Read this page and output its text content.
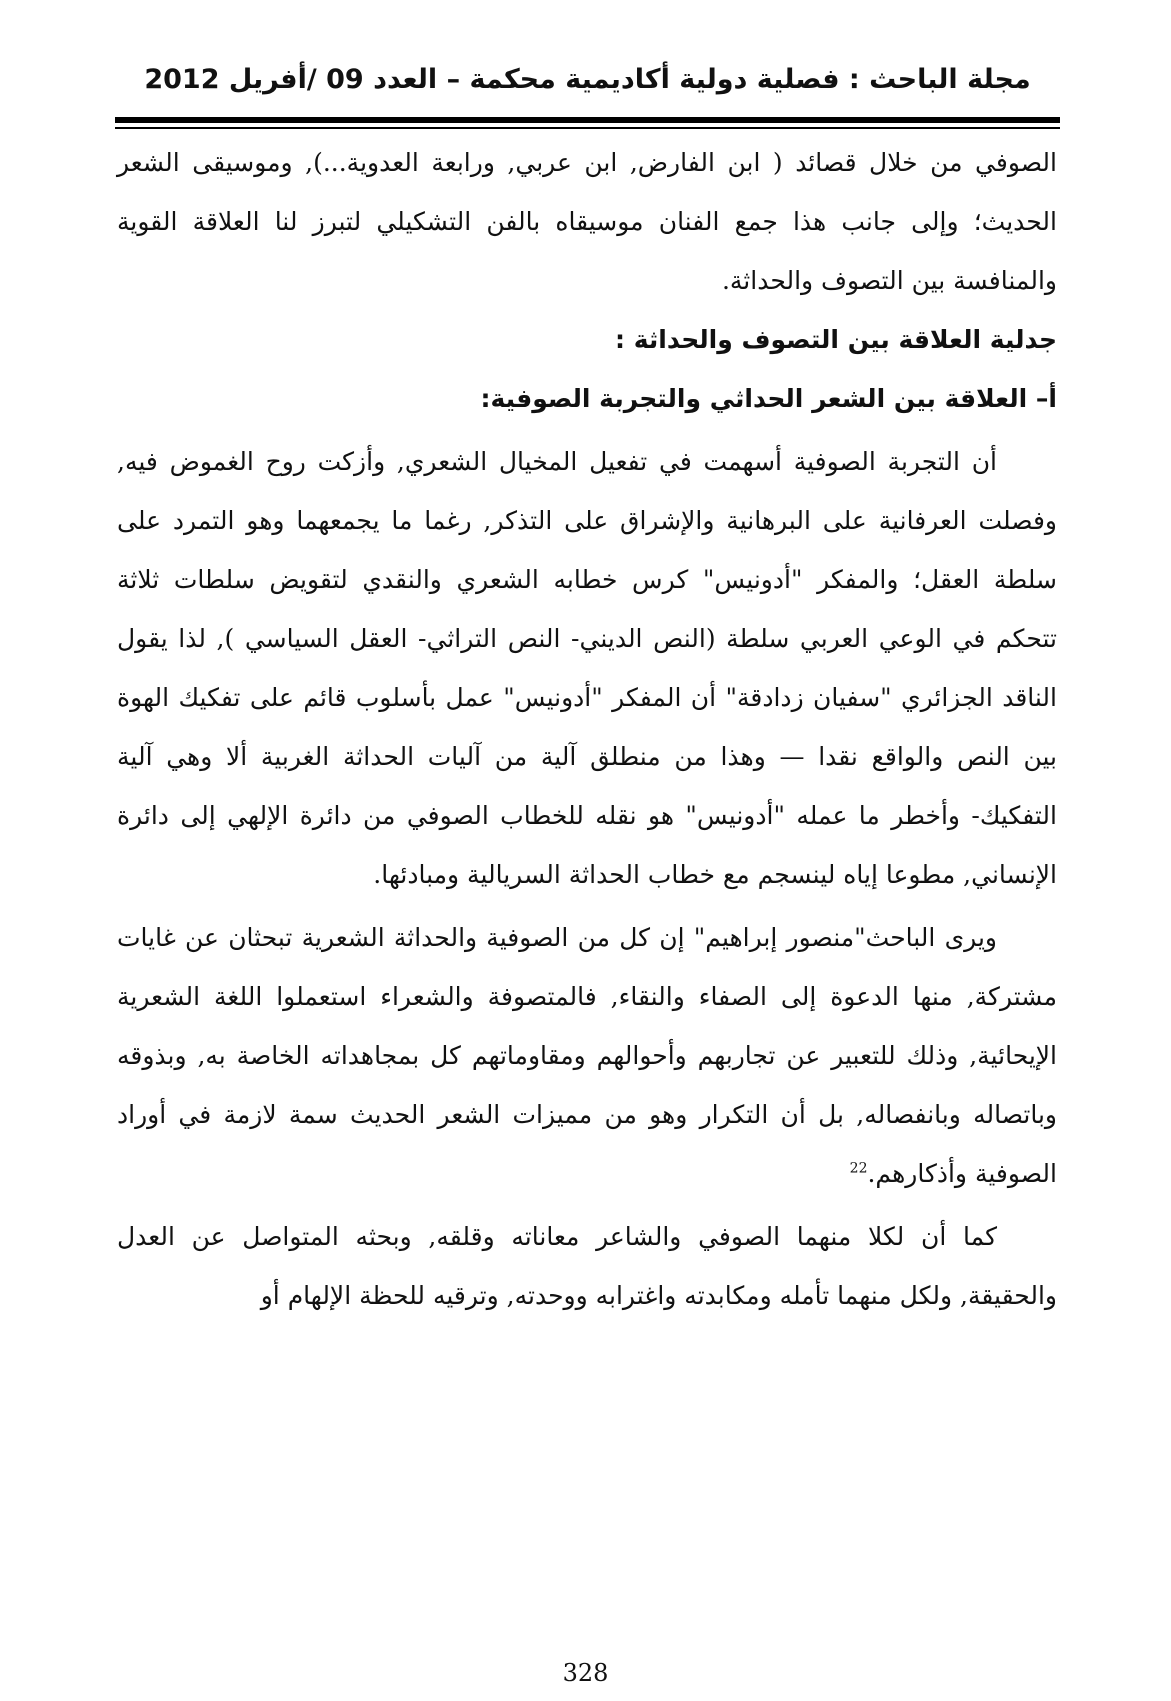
مجلة الباحث : فصلية دولية أكاديمية محكمة – العدد 09 /أفريل 2012

الصوفي من خلال قصائد ( ابن الفارض, ابن عربي, ورابعة العدوية...), وموسيقى الشعر الحديث؛ وإلى جانب هذا جمع الفنان موسيقاه بالفن التشكيلي لتبرز لنا العلاقة القوية والمنافسة بين التصوف والحداثة.

جدلية العلاقة بين التصوف والحداثة :

أ– العلاقة بين الشعر الحداثي والتجربة الصوفية:

أن التجربة الصوفية أسهمت في تفعيل المخيال الشعري, وأزكت روح الغموض فيه, وفصلت العرفانية على البرهانية والإشراق على التذكر, رغما ما يجمعهما وهو التمرد على سلطة العقل؛ والمفكر "أدونيس" كرس خطابه الشعري والنقدي لتقويض سلطات ثلاثة تتحكم في الوعي العربي سلطة (النص الديني- النص التراثي- العقل السياسي ), لذا يقول الناقد الجزائري "سفيان زدادقة" أن المفكر "أدونيس" عمل بأسلوب قائم على تفكيك الهوة بين النص والواقع نقدا — وهذا من منطلق آلية من آليات الحداثة الغربية ألا وهي آلية التفكيك- وأخطر ما عمله "أدونيس" هو نقله للخطاب الصوفي من دائرة الإلهي إلى دائرة الإنساني, مطوعا إياه لينسجم مع خطاب الحداثة السريالية ومبادئها.

ويرى الباحث"منصور إبراهيم" إن كل من الصوفية والحداثة الشعرية تبحثان عن غايات مشتركة, منها الدعوة إلى الصفاء والنقاء, فالمتصوفة والشعراء استعملوا اللغة الشعرية الإيحائية, وذلك للتعبير عن تجاربهم وأحوالهم ومقاوماتهم كل بمجاهداته الخاصة به, وبذوقه وباتصاله وبانفصاله, بل أن التكرار وهو من مميزات الشعر الحديث سمة لازمة في أوراد الصوفية وأذكارهم.$^{22}$

كما أن لكلا منهما الصوفي والشاعر معاناته وقلقه, وبحثه المتواصل عن العدل والحقيقة, ولكل منهما تأمله ومكابدته واغترابه ووحدته, وترقيه للحظة الإلهام أو

328
